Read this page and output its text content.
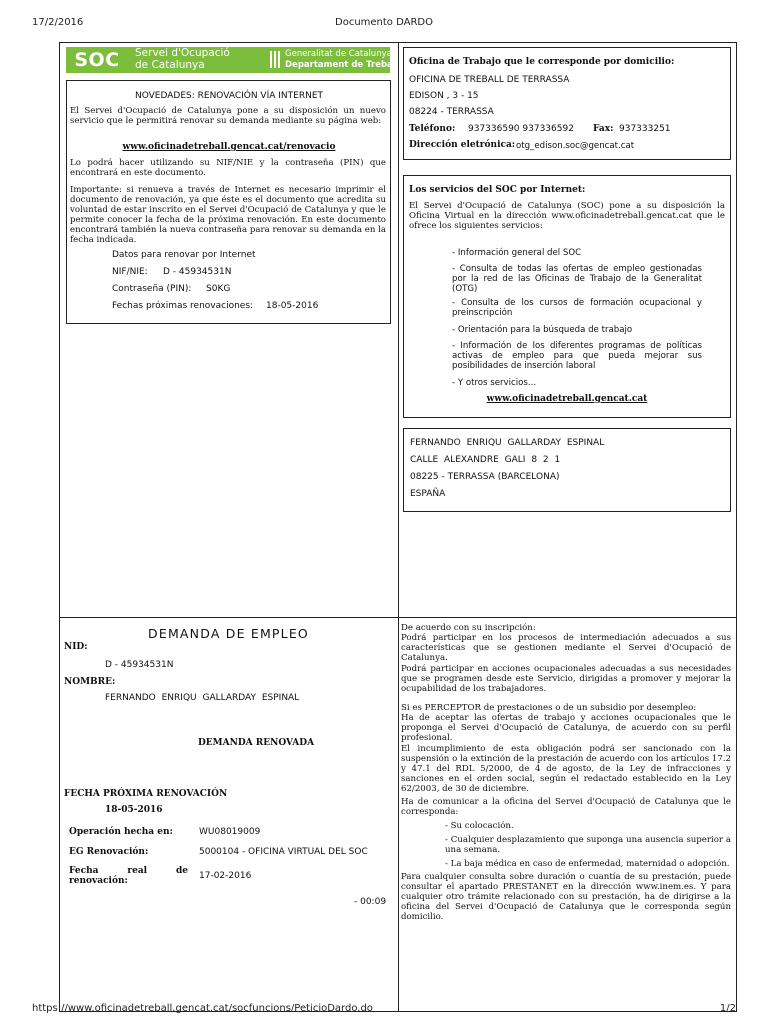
17/2/2016	Documento DARDO
https://www.oficinadetreball.gencat.cat/socfuncions/PeticioDardo.do	1/2
SOC	Servei d'Ocupació
de Catalunya
Generalitat de Catalunya
Departament de Treball
NOVEDADES: RENOVACIÓN VÍA INTERNET
El Servei d'Ocupació de Catalunya pone a su disposición un nuevo servicio que le permitirá renovar su demanda mediante su página web:
www.oficinadetreball.gencat.cat/renovacio
Lo podrá hacer utilizando su NIF/NIE y la contraseña (PIN) que encontrará en este documento.
Importante: si renueva a través de Internet es necesario imprimir el documento de renovación, ya que éste es el documento que acredita su voluntad de estar inscrito en el Servei d'Ocupació de Catalunya y que le permite conocer la fecha de la próxima renovación. En este documento encontrará también la nueva contraseña para renovar su demanda en la fecha indicada.
Datos para renovar por Internet
NIF/NIE: D - 45934531N
Contraseña (PIN): S0KG
Fechas próximas renovaciones: 18-05-2016
Oficina de Trabajo que le corresponde por domicilio:
OFICINA DE TREBALL DE TERRASSA
EDISON , 3 - 15
08224 - TERRASSA
Teléfono: 937336590 937336592 Fax: 937333251
Dirección eletrónica: otg_edison.soc@gencat.cat
Los servicios del SOC por Internet:
El Servei d'Ocupació de Catalunya (SOC) pone a su disposición la Oficina Virtual en la dirección www.oficinadetreball.gencat.cat que le ofrece los siguientes servicios:
- Información general del SOC
- Consulta de todas las ofertas de empleo gestionadas por la red de las Oficinas de Trabajo de la Generalitat (OTG)
- Consulta de los cursos de formación ocupacional y preinscripción
- Orientación para la búsqueda de trabajo
- Información de los diferentes programas de políticas activas de empleo para que pueda mejorar sus posibilidades de inserción laboral
- Y otros servicios...
www.oficinadetreball.gencat.cat
FERNANDO ENRIQU GALLARDAY ESPINAL
CALLE ALEXANDRE GALI 8 2 1
08225 - TERRASSA (BARCELONA)
ESPAÑA
DEMANDA DE EMPLEO
NID:
D - 45934531N
NOMBRE:
FERNANDO ENRIQU GALLARDAY ESPINAL
DEMANDA RENOVADA
FECHA PRÓXIMA RENOVACIÓN
18-05-2016
Operación hecha en:	WU08019009
EG Renovación:	5000104 - OFICINA VIRTUAL DEL SOC
Fecha real de
renovación:	17-02-2016
- 00:09
De acuerdo con su inscripción:
Podrá participar en los procesos de intermediación adecuados a sus características que se gestionen mediante el Servei d'Ocupació de Catalunya.
Podrá participar en acciones ocupacionales adecuadas a sus necesidades que se programen desde este Servicio, dirigidas a promover y mejorar la ocupabilidad de los trabajadores.
Si es PERCEPTOR de prestaciones o de un subsidio por desempleo:
Ha de aceptar las ofertas de trabajo y acciones ocupacionales que le proponga el Servei d'Ocupació de Catalunya, de acuerdo con su perfil profesional.
El incumplimiento de esta obligación podrá ser sancionado con la suspensión o la extinción de la prestación de acuerdo con los artículos 17.2 y 47.1 del RDL 5/2000, de 4 de agosto, de la Ley de infracciones y sanciones en el orden social, según el redactado establecido en la Ley 62/2003, de 30 de diciembre.
Ha de comunicar a la oficina del Servei d'Ocupació de Catalunya que le corresponda:
- Su colocación.
- Cualquier desplazamiento que suponga una ausencia superior a una semana.
- La baja médica en caso de enfermedad, maternidad o adopción.
Para cualquier consulta sobre duración o cuantía de su prestación, puede consultar el apartado PRESTANET en la dirección www.inem.es. Y para cualquier otro trámite relacionado con su prestación, ha de dirigirse a la oficina del Servei d'Ocupació de Catalunya que le corresponda según domicilio.
